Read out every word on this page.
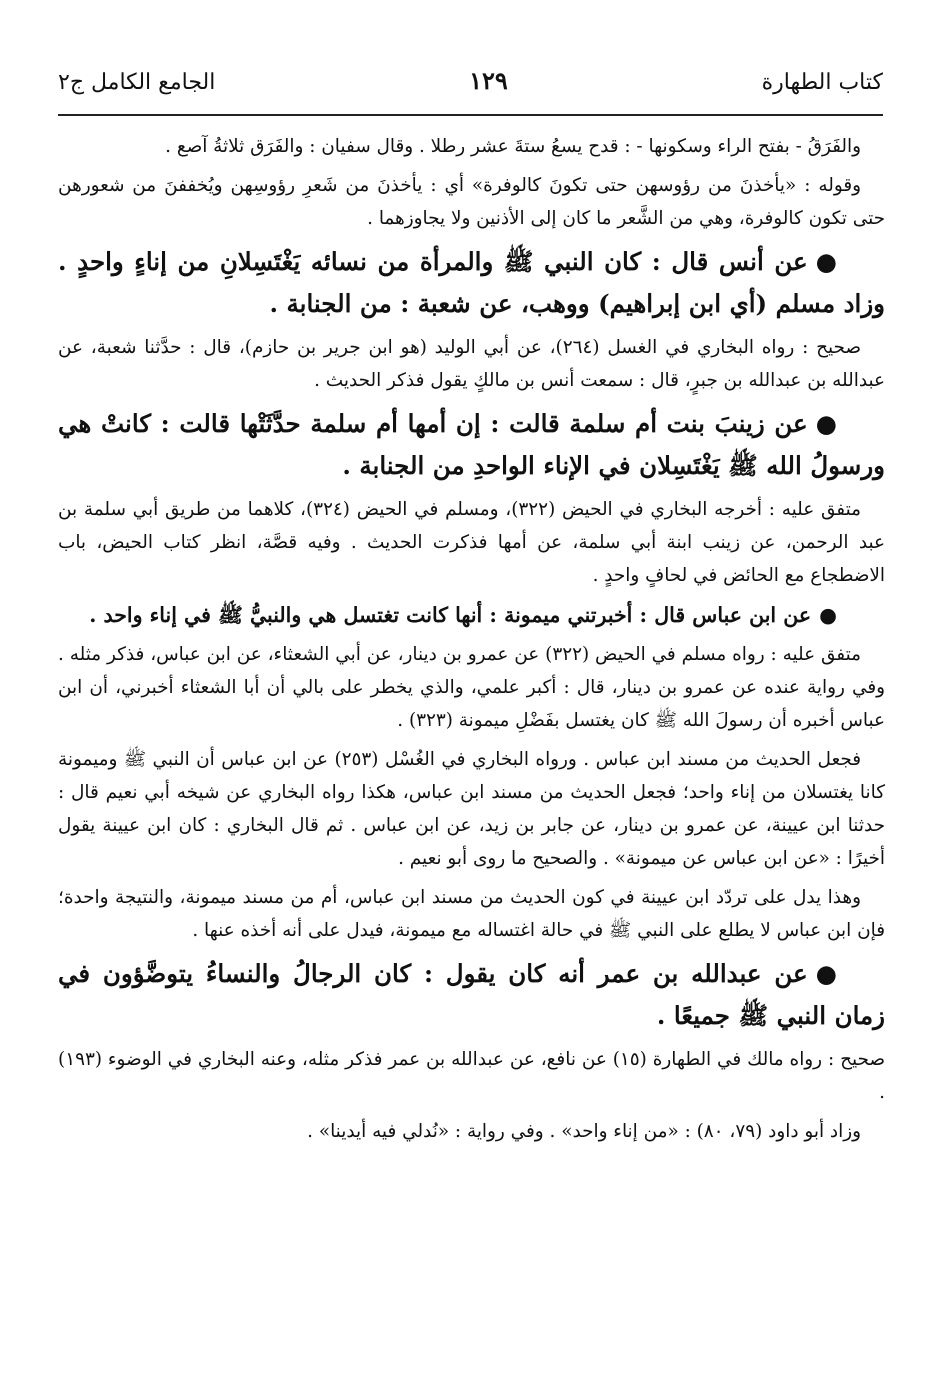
كتاب الطهارة
١٢٩
الجامع الكامل ج٢

والفَرَقُ - بفتح الراء وسكونها - : قدح يسعُ ستةَ عشر رطلا . وقال سفيان : والفَرَق ثلاثةُ آصع .

وقوله : «يأخذنَ من رؤوسهن حتى تكونَ كالوفرة» أي : يأخذنَ من شَعرِ رؤوسِهن ويُخففنَ من شعورهن حتى تكون كالوفرة، وهي من الشَّعر ما كان إلى الأذنين ولا يجاوزهما .

●عن أنس قال : كان النبي ﷺ والمرأة من نسائه يَغْتَسِلانِ من إناءٍ واحدٍ . وزاد مسلم (أي ابن إبراهيم) ووهب، عن شعبة : من الجنابة .

صحيح : رواه البخاري في الغسل (٢٦٤)، عن أبي الوليد (هو ابن جرير بن حازم)، قال : حدَّثنا شعبة، عن عبدالله بن عبدالله بن جبرٍ، قال : سمعت أنس بن مالكٍ يقول فذكر الحديث .

●عن زينبَ بنت أم سلمة قالت : إن أمها أم سلمة حدَّثَتْها قالت : كانتْ هي ورسولُ الله ﷺ يَغْتَسِلان في الإناء الواحدِ من الجنابة .

متفق عليه : أخرجه البخاري في الحيض (٣٢٢)، ومسلم في الحيض (٣٢٤)، كلاهما من طريق أبي سلمة بن عبد الرحمن، عن زينب ابنة أبي سلمة، عن أمها فذكرت الحديث . وفيه قصَّة، انظر كتاب الحيض، باب الاضطجاع مع الحائض في لحافٍ واحدٍ .

●عن ابن عباس قال : أخبرتني ميمونة : أنها كانت تغتسل هي والنبيُّ ﷺ في إناء واحد .

متفق عليه : رواه مسلم في الحيض (٣٢٢) عن عمرو بن دينار، عن أبي الشعثاء، عن ابن عباس، فذكر مثله . وفي رواية عنده عن عمرو بن دينار، قال : أكبر علمي، والذي يخطر على بالي أن أبا الشعثاء أخبرني، أن ابن عباس أخبره أن رسولَ الله ﷺ كان يغتسل بفَضْلِ ميمونة (٣٢٣) .

فجعل الحديث من مسند ابن عباس . ورواه البخاري في الغُسْل (٢٥٣) عن ابن عباس أن النبي ﷺ وميمونة كانا يغتسلان من إناء واحد؛ فجعل الحديث من مسند ابن عباس، هكذا رواه البخاري عن شيخه أبي نعيم قال : حدثنا ابن عيينة، عن عمرو بن دينار، عن جابر بن زيد، عن ابن عباس . ثم قال البخاري : كان ابن عيينة يقول أخيرًا : «عن ابن عباس عن ميمونة» . والصحيح ما روى أبو نعيم .

وهذا يدل على تردّد ابن عيينة في كون الحديث من مسند ابن عباس، أم من مسند ميمونة، والنتيجة واحدة؛ فإن ابن عباس لا يطلع على النبي ﷺ في حالة اغتساله مع ميمونة، فيدل على أنه أخذه عنها .

●عن عبدالله بن عمر أنه كان يقول : كان الرجالُ والنساءُ يتوضَّؤون في زمان النبي ﷺ جميعًا .

صحيح : رواه مالك في الطهارة (١٥) عن نافع، عن عبدالله بن عمر فذكر مثله، وعنه البخاري في الوضوء (١٩٣) .

وزاد أبو داود (٧٩، ٨٠) : «من إناء واحد» . وفي رواية : «نُدلي فيه أيدينا» .
